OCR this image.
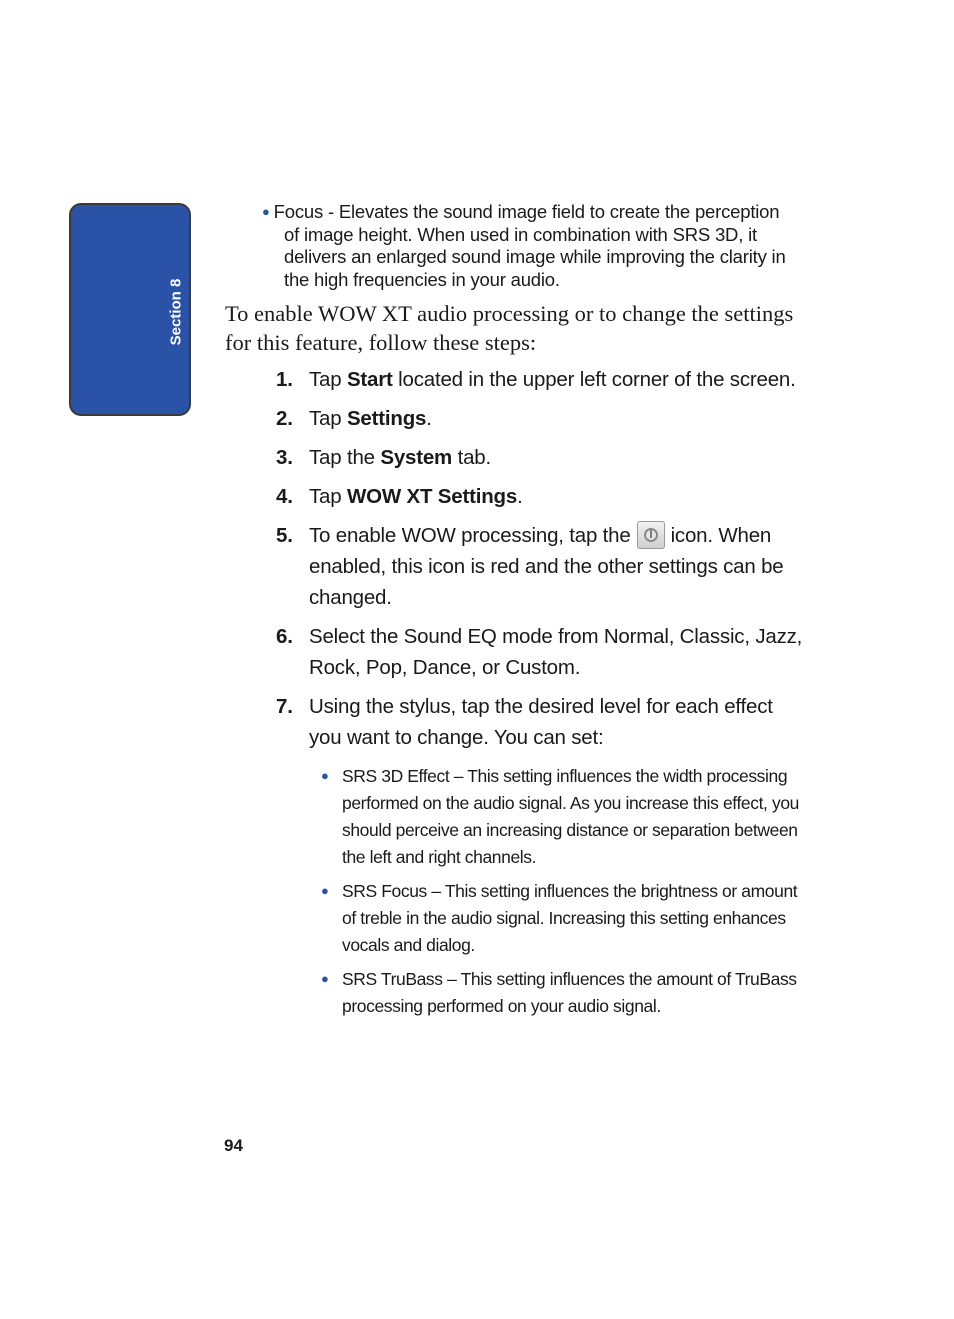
Section 8
● Focus - Elevates the sound image field to create the perception
of image height. When used in combination with SRS 3D, it delivers an enlarged sound image while improving the clarity in the high frequencies in your audio.
To enable WOW XT audio processing or to change the settings for this feature, follow these steps:
1. Tap Start located in the upper left corner of the screen.
2. Tap Settings.
3. Tap the System tab.
4. Tap WOW XT Settings.
5. To enable WOW processing, tap the icon. When enabled, this icon is red and the other settings can be changed.
6. Select the Sound EQ mode from Normal, Classic, Jazz, Rock, Pop, Dance, or Custom.
7. Using the stylus, tap the desired level for each effect you want to change. You can set:
● SRS 3D Effect – This setting influences the width processing performed on the audio signal. As you increase this effect, you should perceive an increasing distance or separation between the left and right channels.
● SRS Focus – This setting influences the brightness or amount of treble in the audio signal. Increasing this setting enhances vocals and dialog.
● SRS TruBass – This setting influences the amount of TruBass processing performed on your audio signal.
94
